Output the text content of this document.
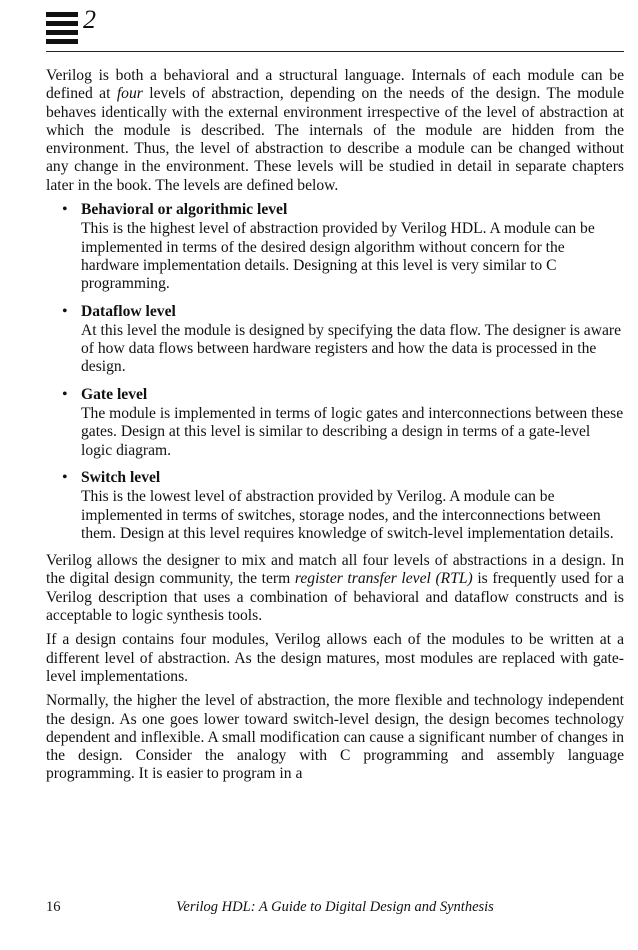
2

Verilog is both a behavioral and a structural language. Internals of each module can be defined at four levels of abstraction, depending on the needs of the design. The module behaves identically with the external environment irrespective of the level of abstraction at which the module is described. The internals of the module are hidden from the environment. Thus, the level of abstraction to describe a module can be changed without any change in the environment. These levels will be studied in detail in separate chapters later in the book. The levels are defined below.

• Behavioral or algorithmic level
This is the highest level of abstraction provided by Verilog HDL. A module can be implemented in terms of the desired design algorithm without concern for the hardware implementation details. Designing at this level is very similar to C programming.
• Dataflow level
At this level the module is designed by specifying the data flow. The designer is aware of how data flows between hardware registers and how the data is processed in the design.
• Gate level
The module is implemented in terms of logic gates and interconnections between these gates. Design at this level is similar to describing a design in terms of a gate-level logic diagram.
• Switch level
This is the lowest level of abstraction provided by Verilog. A module can be implemented in terms of switches, storage nodes, and the interconnections between them. Design at this level requires knowledge of switch-level implementation details.

Verilog allows the designer to mix and match all four levels of abstractions in a design. In the digital design community, the term register transfer level (RTL) is frequently used for a Verilog description that uses a combination of behavioral and dataflow constructs and is acceptable to logic synthesis tools.

If a design contains four modules, Verilog allows each of the modules to be written at a different level of abstraction. As the design matures, most modules are replaced with gate-level implementations.

Normally, the higher the level of abstraction, the more flexible and technology independent the design. As one goes lower toward switch-level design, the design becomes technology dependent and inflexible. A small modification can cause a significant number of changes in the design. Consider the analogy with C programming and assembly language programming. It is easier to program in a

16	Verilog HDL: A Guide to Digital Design and Synthesis
